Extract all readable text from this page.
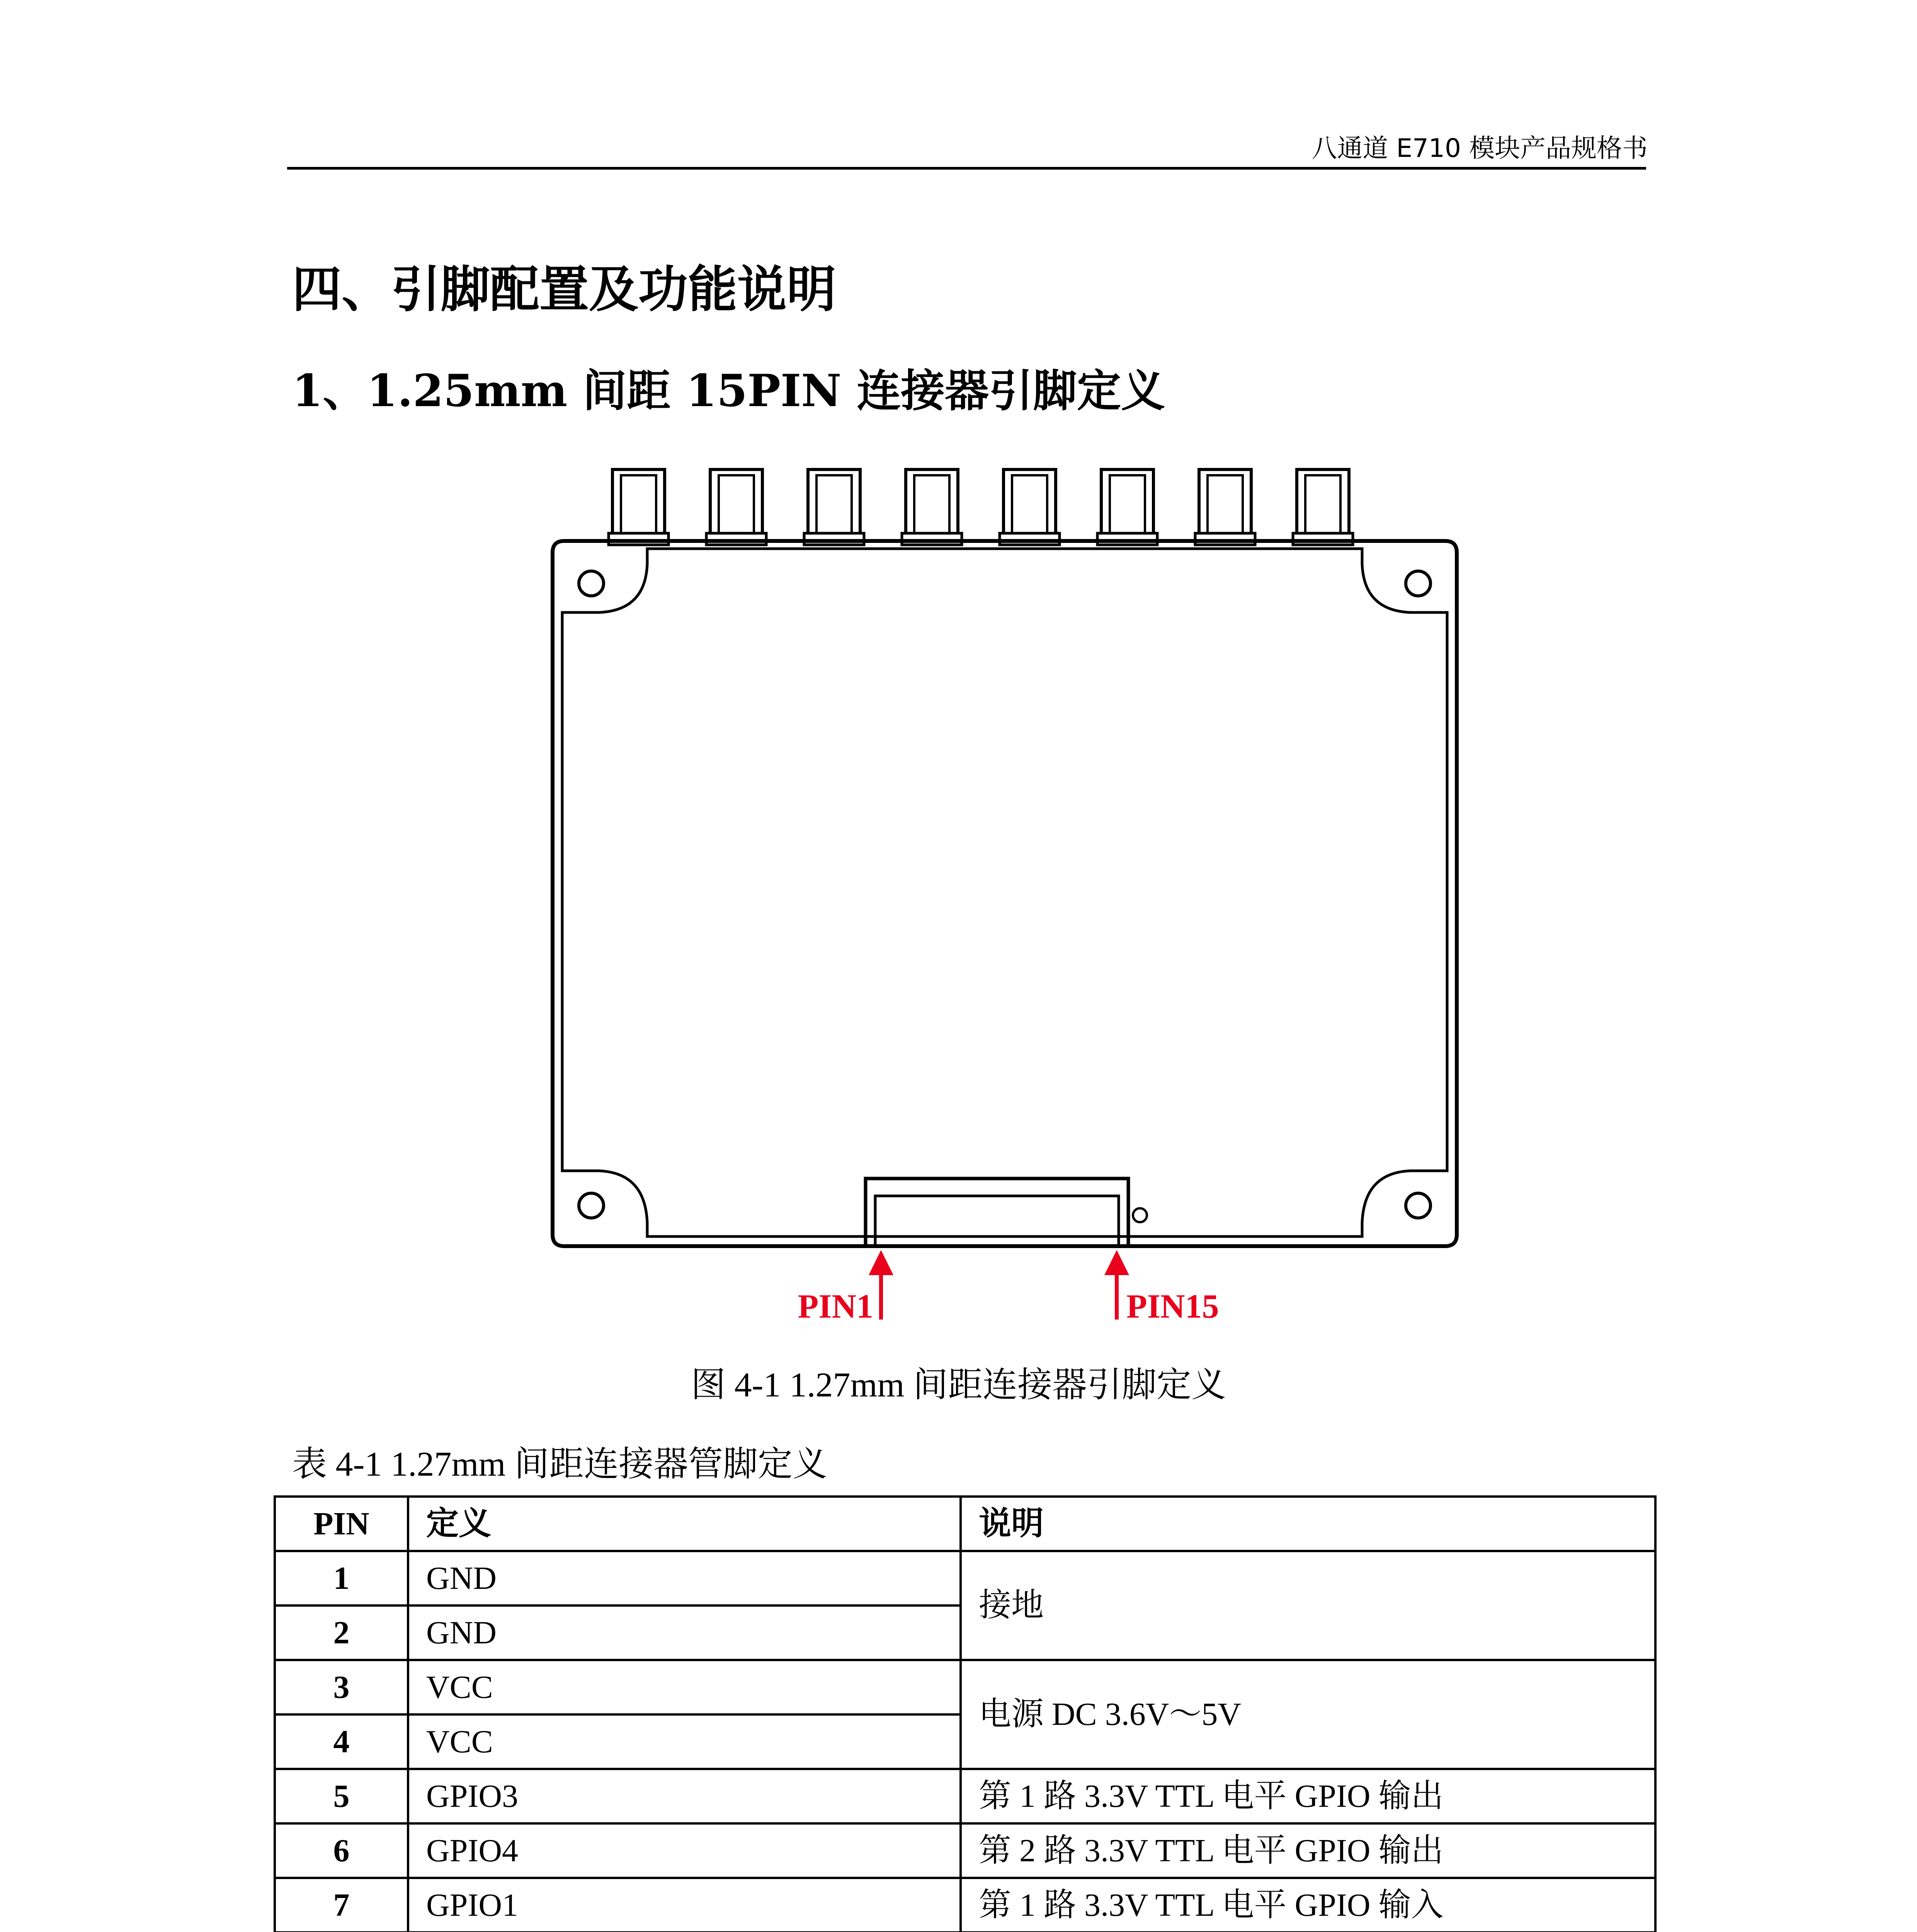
八通道 E710 模块产品规格书
四、引脚配置及功能说明
1、1.25mm 间距 15PIN 连接器引脚定义
PIN1	PIN15
图 4-1 1.27mm 间距连接器引脚定义
表 4-1 1.27mm 间距连接器管脚定义
PIN	定义	说明
1	GND	接地
2	GND	
3	VCC	电源 DC 3.6V～5V
4	VCC	
5	GPIO3	第 1 路 3.3V TTL 电平 GPIO 输出
6	GPIO4	第 2 路 3.3V TTL 电平 GPIO 输出
7	GPIO1	第 1 路 3.3V TTL 电平 GPIO 输入
